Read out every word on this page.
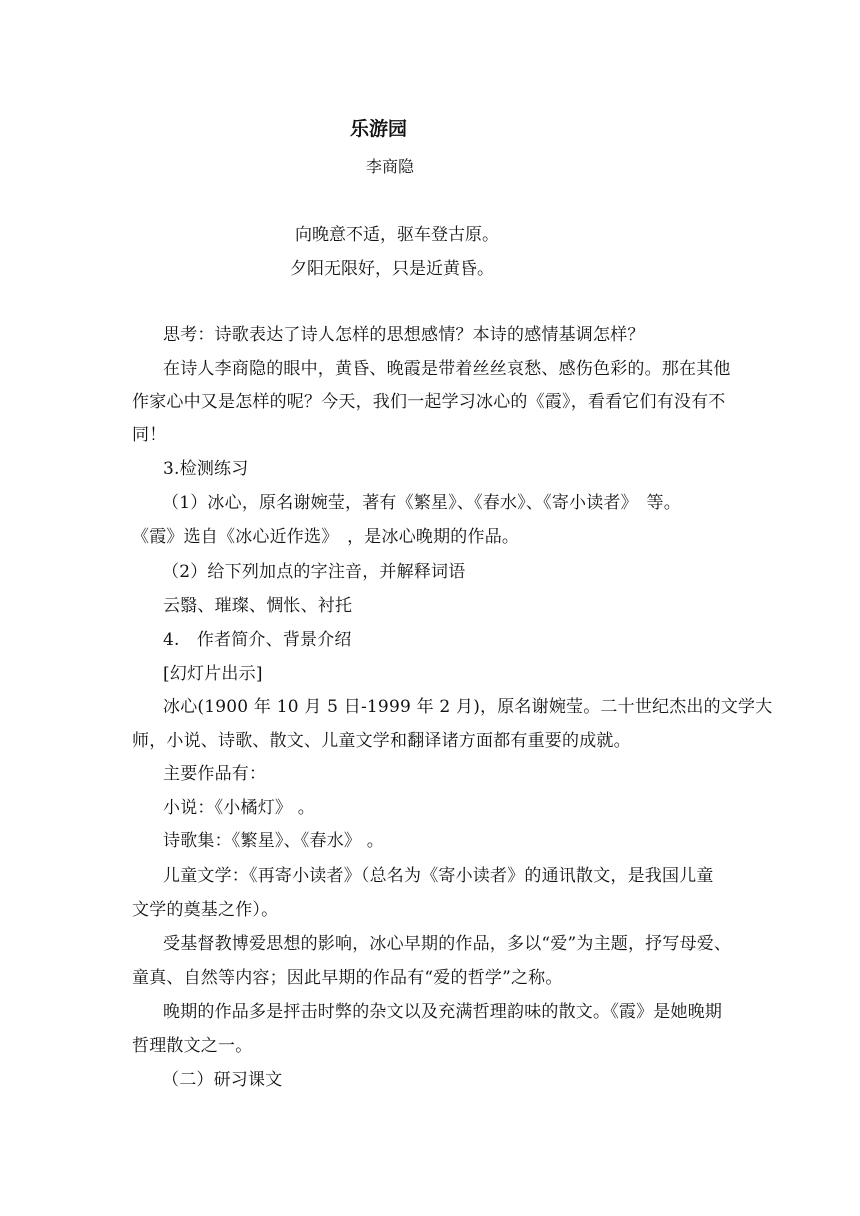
乐游园
李商隐
向晚意不适，驱车登古原。
夕阳无限好，只是近黄昏。
思考：诗歌表达了诗人怎样的思想感情？本诗的感情基调怎样？
在诗人李商隐的眼中，黄昏、晚霞是带着丝丝哀愁、感伤色彩的。那在其他
作家心中又是怎样的呢？今天，我们一起学习冰心的《霞》，看看它们有没有不
同！
3.检测练习
（1）冰心，原名谢婉莹，著有《繁星》、《春水》、《寄小读者》　等。
《霞》选自《冰心近作选》　，是冰心晚期的作品。
（2）给下列加点的字注音，并解释词语
云翳、璀璨、惆怅、衬托
4.　作者简介、背景介绍
[幻灯片出示]
冰心(1900 年 10 月 5 日-1999 年 2 月)，原名谢婉莹。二十世纪杰出的文学大
师，小说、诗歌、散文、儿童文学和翻译诸方面都有重要的成就。
主要作品有：
小说：《小橘灯》 。
诗歌集：《繁星》、《春水》 。
儿童文学：《再寄小读者》（总名为《寄小读者》的通讯散文，是我国儿童
文学的奠基之作）。
受基督教博爱思想的影响，冰心早期的作品，多以“爱”为主题，抒写母爱、
童真、自然等内容；因此早期的作品有“爱的哲学”之称。
晚期的作品多是抨击时弊的杂文以及充满哲理韵味的散文。《霞》是她晚期
哲理散文之一。
（二）研习课文
